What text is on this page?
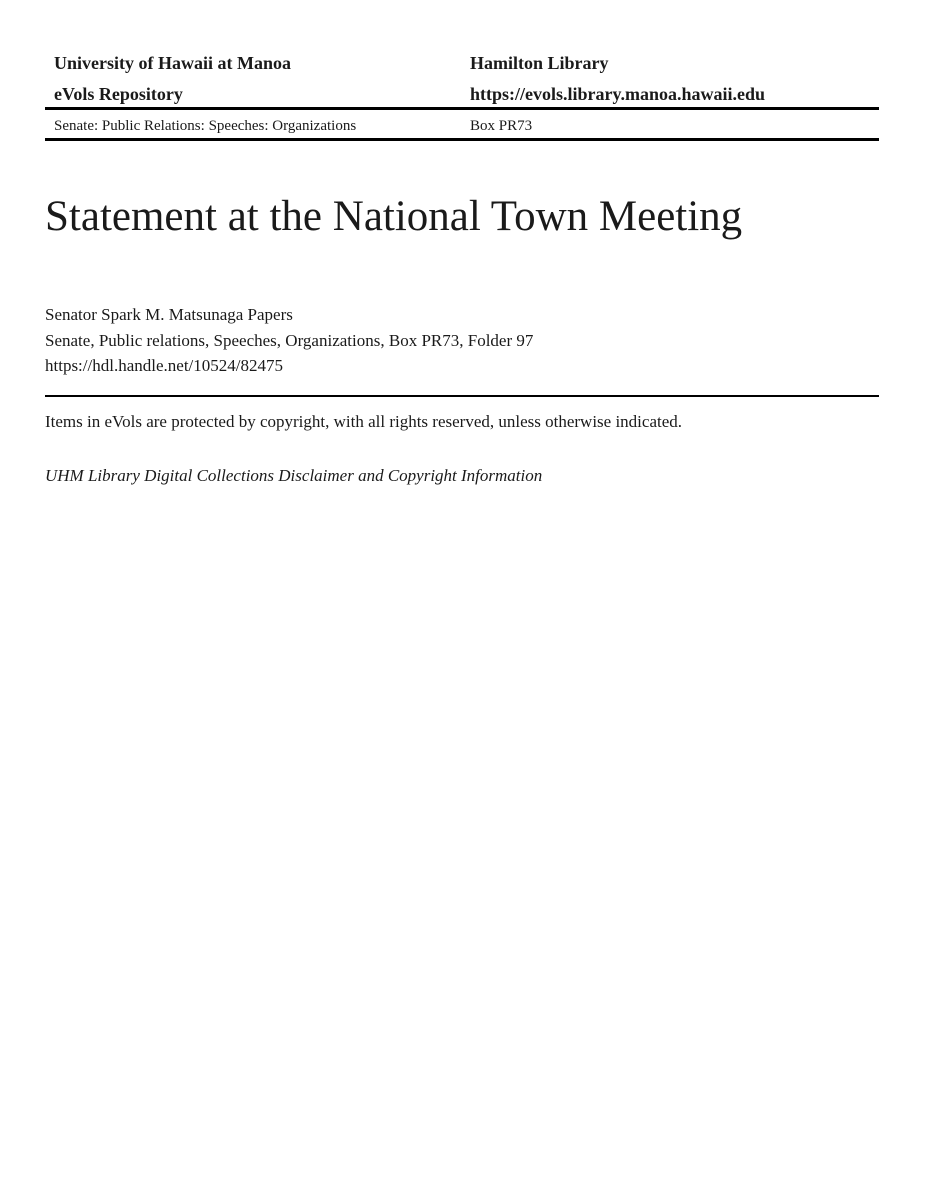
University of Hawaii at Manoa
eVols Repository
Hamilton Library
https://evols.library.manoa.hawaii.edu
Senate: Public Relations: Speeches: Organizations	Box PR73
Statement at the National Town Meeting
Senator Spark M. Matsunaga Papers
Senate, Public relations, Speeches, Organizations, Box PR73, Folder 97
https://hdl.handle.net/10524/82475

Items in eVols are protected by copyright, with all rights reserved, unless otherwise indicated.

UHM Library Digital Collections Disclaimer and Copyright Information
